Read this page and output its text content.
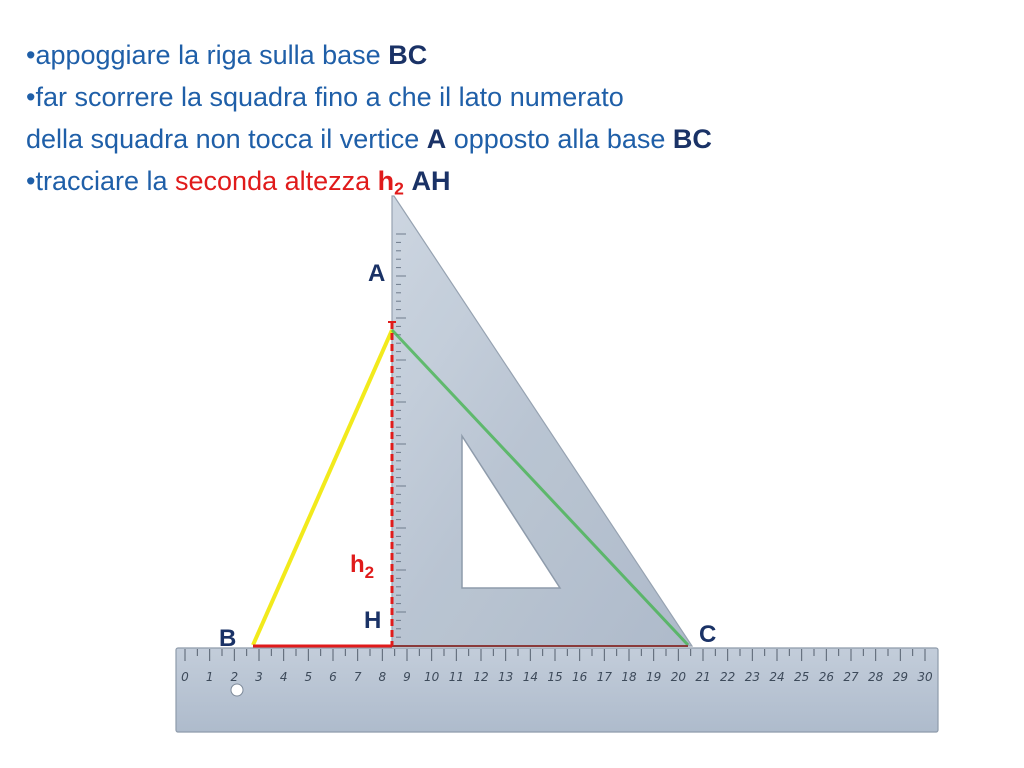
•appoggiare la riga sulla base BC
•far scorrere la squadra fino a che il lato numerato
della squadra non tocca il vertice A opposto alla base BC
•tracciare la seconda altezza $h_2$ AH
0 1 2 3 4 5 6 7 8 9 10 11 12 13 14 15 16 17 18 19 20 21 22 23 24 25 26 27 28 29 30
A
B	C
H
$h_2$
